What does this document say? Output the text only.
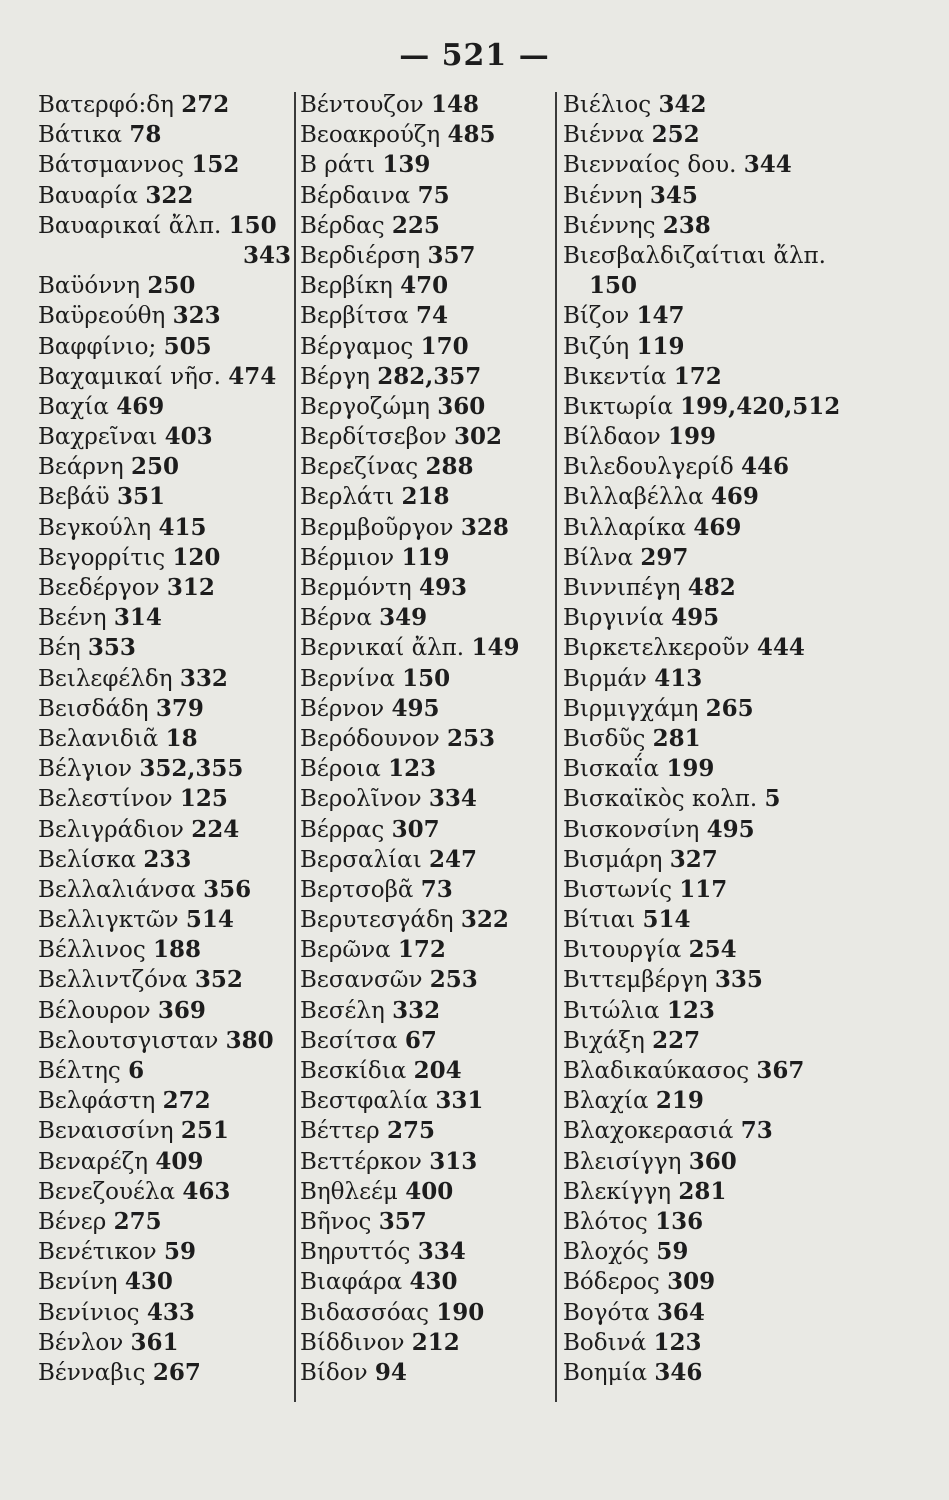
— 521 —
Βατερφό:δη 272
Βάτικα 78
Βάτσμαννος 152
Βαυαρία 322
Βαυαρικαί ἄλπ. 150
343
Βαϋόννη 250
Βαϋρεούθη 323
Βαφφίνιο; 505
Βαχαμικαί νῆσ. 474
Βαχία 469
Βαχρεῖναι 403
Βεάρνη 250
Βεβάϋ 351
Βεγκούλη 415
Βεγορρίτις 120
Βεεδέργον 312
Βεένη 314
Βέη 353
Βειλεφέλδη 332
Βεισδάδη 379
Βελανιδιᾶ 18
Βέλγιον 352,355
Βελεστίνον 125
Βελιγράδιον 224
Βελίσκα 233
Βελλαλιάνσα 356
Βελλιγκτῶν 514
Βέλλινος 188
Βελλιντζόνα 352
Βέλουρον 369
Βελουτσγισταν 380
Βέλτης 6
Βελφάστη 272
Βεναισσίνη 251
Βεναρέζη 409
Βενεζουέλα 463
Βένερ 275
Βενέτικον 59
Βενίνη 430
Βενίνιος 433
Βένλον 361
Βένναβις 267
Βέντουζον 148
Βεοακρούζη 485
Β ράτι 139
Βέρδαινα 75
Βέρδας 225
Βερδιέρση 357
Βερβίκη 470
Βερβίτσα 74
Βέργαμος 170
Βέργη 282,357
Βεργοζώμη 360
Βερδίτσεβον 302
Βερεζίνας 288
Βερλάτι 218
Βερμβοῦργον 328
Βέρμιον 119
Βερμόντη 493
Βέρνα 349
Βερνικαί ἄλπ. 149
Βερνίνα 150
Βέρνον 495
Βερόδουνον 253
Βέροια 123
Βερολῖνον 334
Βέρρας 307
Βερσαλίαι 247
Βερτσοβᾶ 73
Βερυτεσγάδη 322
Βερῶνα 172
Βεσανσῶν 253
Βεσέλη 332
Βεσίτσα 67
Βεσκίδια 204
Βεστφαλία 331
Βέττερ 275
Βεττέρκον 313
Βηθλεέμ 400
Βῆνος 357
Βηρυττός 334
Βιαφάρα 430
Βιδασσόας 190
Βίδδινον 212
Βίδον 94
Βιέλιος 342
Βιέννα 252
Βιενναίος δου. 344
Βιέννη 345
Βιέννης 238
Βιεσβαλδιζαίτιαι ἄλπ.
150
Βίζον 147
Βιζύη 119
Βικεντία 172
Βικτωρία 199,420,512
Βίλδαον 199
Βιλεδουλγερίδ 446
Βιλλαβέλλα 469
Βιλλαρίκα 469
Βίλνα 297
Βιννιπέγη 482
Βιργινία 495
Βιρκετελκεροῦν 444
Βιρμάν 413
Βιρμιγχάμη 265
Βισδῦς 281
Βισκαΐα 199
Βισκαϊκὸς κολπ. 5
Βισκονσίνη 495
Βισμάρη 327
Βιστωνίς 117
Βίτιαι 514
Βιτουργία 254
Βιττεμβέργη 335
Βιτώλια 123
Βιχάξη 227
Βλαδικαύκασος 367
Βλαχία 219
Βλαχοκερασιά 73
Βλεισίγγη 360
Βλεκίγγη 281
Βλότος 136
Βλοχός 59
Βόδερος 309
Βογότα 364
Βοδινά 123
Βοημία 346
